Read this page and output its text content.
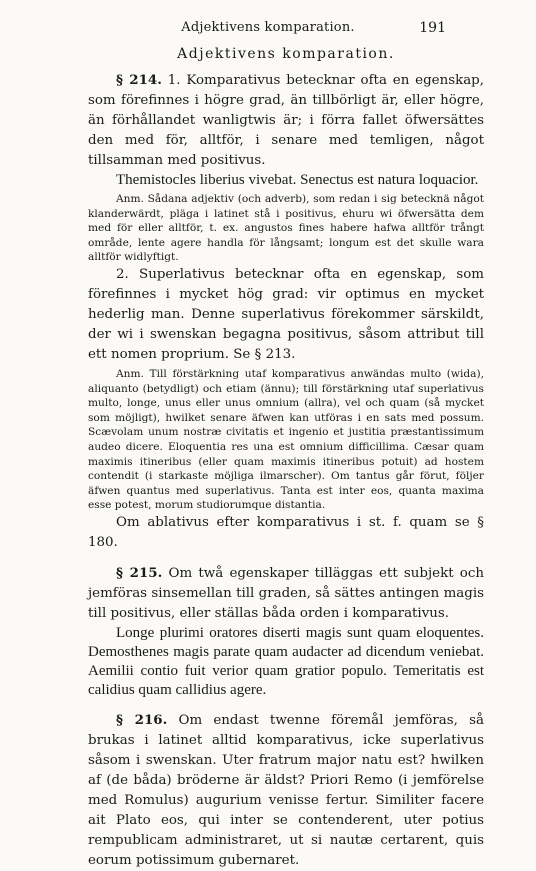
Adjektivens komparation.	191
Adjektivens komparation.

§ 214. 1. Komparativus betecknar ofta en egenskap, som förefinnes i högre grad, än tillbörligt är, eller högre, än förhållandet wanligtwis är; i förra fallet öfwersättes den med för, alltför, i senare med temligen, något tillsamman med positivus.

Themistocles liberius vivebat. Senectus est natura loquacior.

Anm. Sådana adjektiv (och adverb), som redan i sig betecknä något klanderwärdt, pläga i latinet stå i positivus, ehuru wi öfwersätta dem med för eller alltför, t. ex. angustos fines habere hafwa alltför trångt område, lente agere handla för långsamt; longum est det skulle wara alltför widlyftigt.

2. Superlativus betecknar ofta en egenskap, som förefinnes i mycket hög grad: vir optimus en mycket hederlig man. Denne superlativus förekommer särskildt, der wi i swenskan begagna positivus, såsom attribut till ett nomen proprium. Se § 213.

Anm. Till förstärkning utaf komparativus anwändas multo (wida), aliquanto (betydligt) och etiam (ännu); till förstärkning utaf superlativus multo, longe, unus eller unus omnium (allra), vel och quam (så mycket som möjligt), hwilket senare äfwen kan utföras i en sats med possum. Scævolam unum nostræ civitatis et ingenio et justitia præstantissimum audeo dicere. Eloquentia res una est omnium difficillima. Cæsar quam maximis itineribus (eller quam maximis itineribus potuit) ad hostem contendit (i starkaste möjliga ilmarscher). Om tantus går förut, följer äfwen quantus med superlativus. Tanta est inter eos, quanta maxima esse potest, morum studiorumque distantia.

Om ablativus efter komparativus i st. f. quam se § 180.

§ 215. Om twå egenskaper tilläggas ett subjekt och jemföras sinsemellan till graden, så sättes antingen magis till positivus, eller ställas båda orden i komparativus.

Longe plurimi oratores diserti magis sunt quam eloquentes. Demosthenes magis parate quam audacter ad dicendum veniebat. Aemilii contio fuit verior quam gratior populo. Temeritatis est calidius quam callidius agere.

§ 216. Om endast twenne föremål jemföras, så brukas i latinet alltid komparativus, icke superlativus såsom i swenskan. Uter fratrum major natu est? hwilken af (de båda) bröderne är äldst? Priori Remo (i jemförelse med Romulus) augurium venisse fertur. Similiter facere ait Plato eos, qui inter se contenderent, uter potius rempublicam administraret, ut si nautæ certarent, quis eorum potissimum gubernaret.
